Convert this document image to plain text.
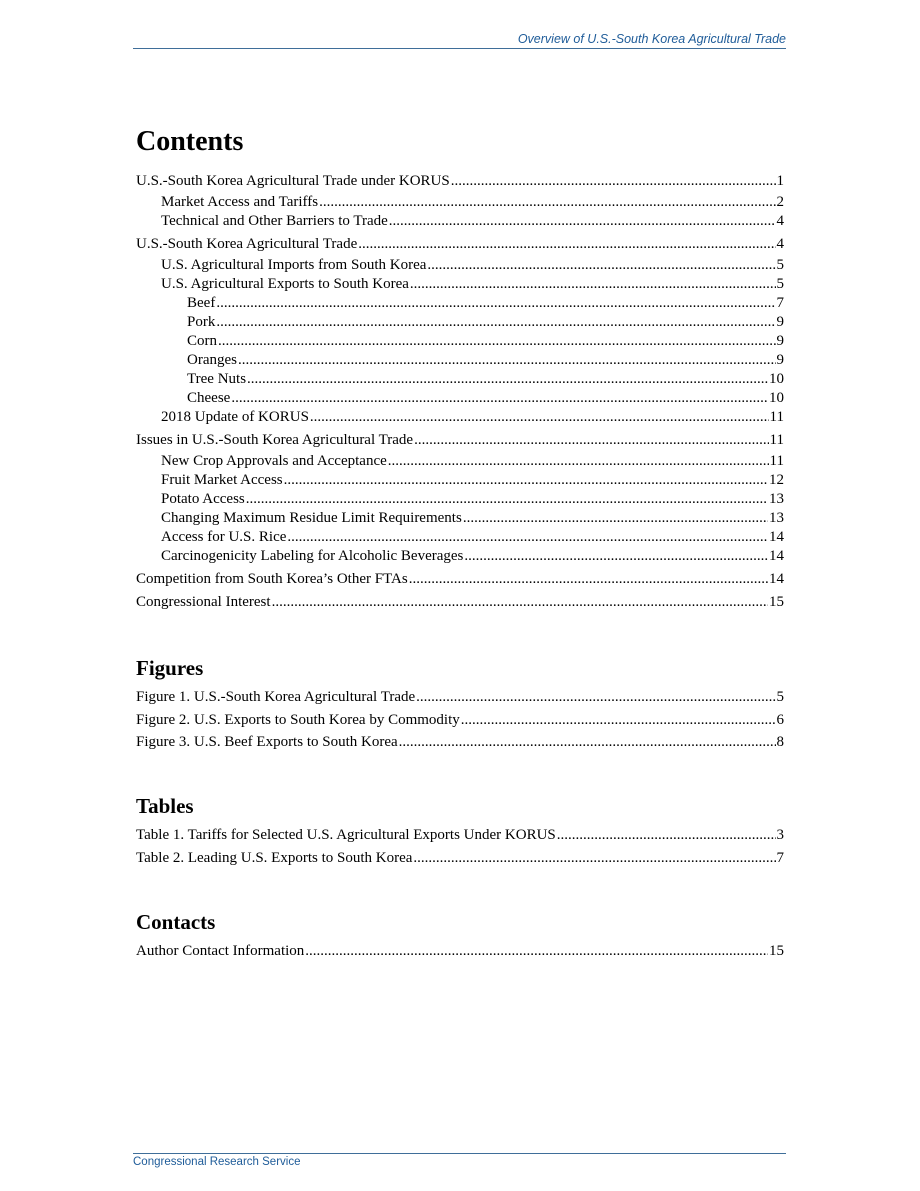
Overview of U.S.-South Korea Agricultural Trade
Contents
U.S.-South Korea Agricultural Trade under KORUS .....	1
Market Access and Tariffs .....	2
Technical and Other Barriers to Trade .....	4
U.S.-South Korea Agricultural Trade .....	4
U.S. Agricultural Imports from South Korea .....	5
U.S. Agricultural Exports to South Korea .....	5
Beef .....	7
Pork .....	9
Corn .....	9
Oranges .....	9
Tree Nuts .....	10
Cheese .....	10
2018 Update of KORUS .....	11
Issues in U.S.-South Korea Agricultural Trade .....	11
New Crop Approvals and Acceptance .....	11
Fruit Market Access .....	12
Potato Access .....	13
Changing Maximum Residue Limit Requirements .....	13
Access for U.S. Rice .....	14
Carcinogenicity Labeling for Alcoholic Beverages .....	14
Competition from South Korea’s Other FTAs .....	14
Congressional Interest .....	15
Figures
Figure 1. U.S.-South Korea Agricultural Trade .....	5
Figure 2. U.S. Exports to South Korea by Commodity .....	6
Figure 3. U.S. Beef Exports to South Korea .....	8
Tables
Table 1. Tariffs for Selected U.S. Agricultural Exports Under KORUS .....	3
Table 2. Leading U.S. Exports to South Korea .....	7
Contacts
Author Contact Information .....	15
Congressional Research Service
